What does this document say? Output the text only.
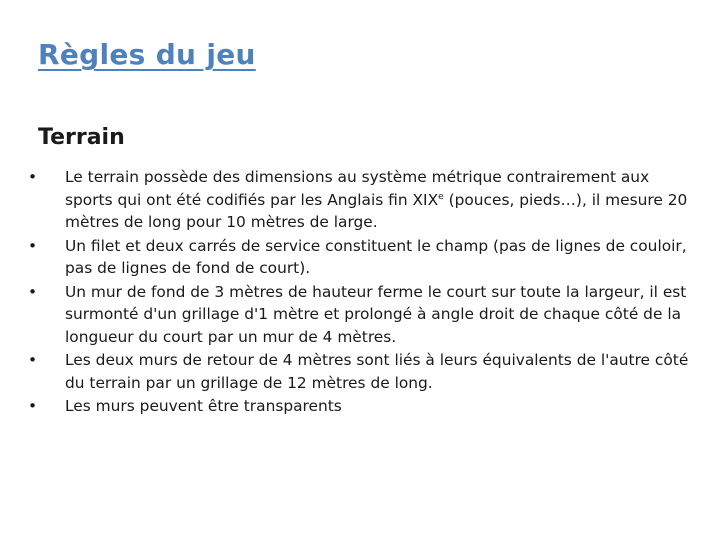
Règles du jeu
Terrain
• Le terrain possède des dimensions au système métrique contrairement aux sports qui ont été codifiés par les Anglais fin XIXe (pouces, pieds…), il mesure 20 mètres de long pour 10 mètres de large.
• Un filet et deux carrés de service constituent le champ (pas de lignes de couloir, pas de lignes de fond de court).
• Un mur de fond de 3 mètres de hauteur ferme le court sur toute la largeur, il est surmonté d'un grillage d'1 mètre et prolongé à angle droit de chaque côté de la longueur du court par un mur de 4 mètres.
• Les deux murs de retour de 4 mètres sont liés à leurs équivalents de l'autre côté du terrain par un grillage de 12 mètres de long.
• Les murs peuvent être transparents
